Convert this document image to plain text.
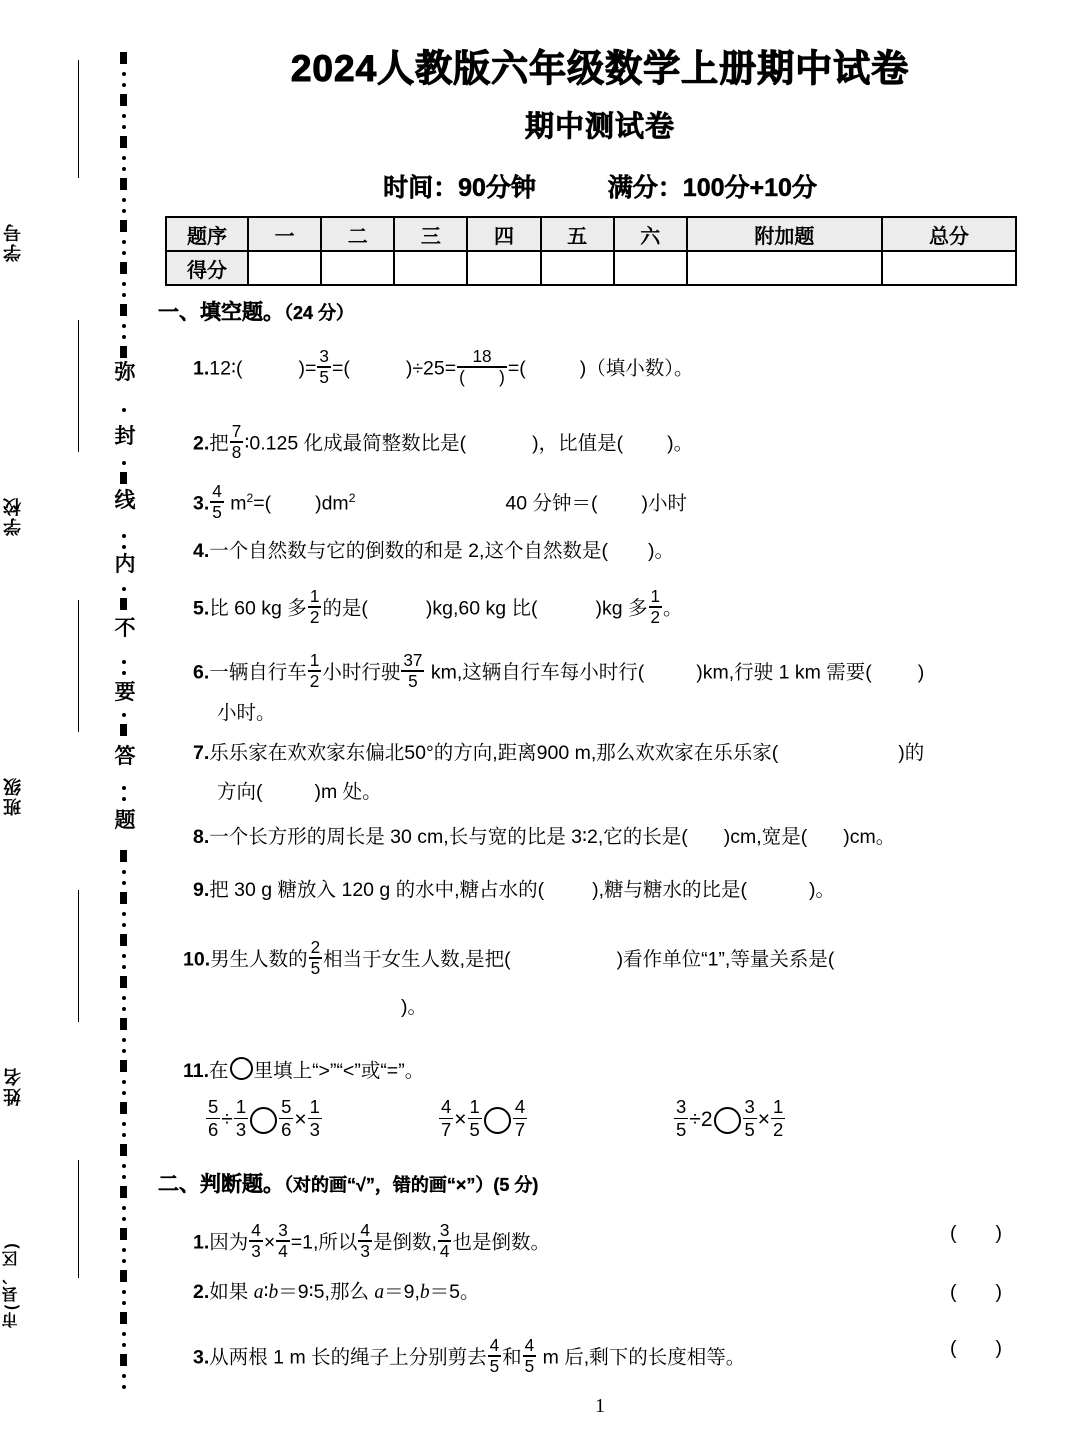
学号
学校
班级
姓名
市(县、区)
弥
封
线
内
不
要
答
题
2024人教版六年级数学上册期中试卷
期中测试卷
时间：90分钟	满分：100分+10分
题序	一	二	三	四	五	六	附加题	总分
得分								
一、填空题。（24 分）
1.12∶(	)= $\frac{3}{5}$ =(	)÷25=
18
(　　) =(	)（填小数）。
2.把 $\frac{7}{8}$ ∶0.125 化成最简整数比是(	)，比值是( )。
3. $\frac{4}{5} m^2=$( )$dm^2$	40 分钟＝( )小时
4.一个自然数与它的倒数的和是 2,这个自然数是( )。
5.比 60 kg 多 $\frac{1}{2}$ 的是(	)kg,60 kg 比(	)kg 多 $\frac{1}{2}$ 。
6.一辆自行车 $\frac{1}{2}$ 小时行驶 $\frac{37}{5}$ km,这辆自行车每小时行(	)km,行驶 1 km 需要( )
小时。
7.乐乐家在欢欢家东偏北50°的方向,距离900 m,那么欢欢家在乐乐家(	)的
方向(	)m 处。
8.一个长方形的周长是 30 cm,长与宽的比是 3∶2,它的长是( )cm,宽是( )cm。
9.把 30 g 糖放入 120 g 的水中,糖占水的( ),糖与糖水的比是(	)。
10.男生人数的 $\frac{2}{5}$ 相当于女生人数,是把(	)看作单位“1”,等量关系是(
)。
11.在 里填上“>”“<”或“=”。
$\frac{5}{6} \div \frac{1}{3} \frac{5}{6} \times \frac{1}{3}$	$\frac{4}{7} \times \frac{1}{5} \frac{4}{7}$	$\frac{3}{5} \div 2 \frac{3}{5} \times \frac{1}{2}$
二、判断题。（对的画“√”，错的画“×”）(5 分)
1.因为 $\frac{4}{3} \times \frac{3}{4} =1$,所以 $\frac{4}{3}$ 是倒数, $\frac{3}{4}$ 也是倒数。	(　　)
2.如果 a∶b＝9∶5,那么 a＝9,b＝5。	(　　)
3.从两根 1 m 长的绳子上分别剪去 $\frac{4}{5}$ 和 $\frac{4}{5}$ m 后,剩下的长度相等。	(　　)
1
